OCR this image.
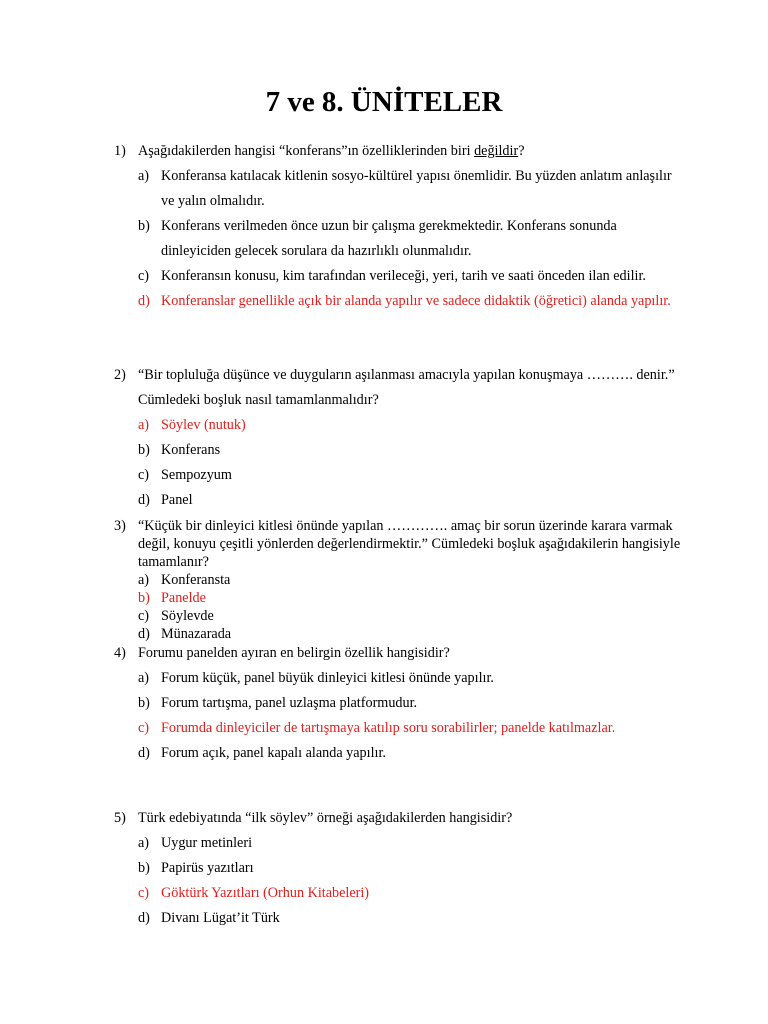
7 ve 8. ÜNİTELER
1) Aşağıdakilerden hangisi “konferans”ın özelliklerinden biri değildir?
a) Konferansa katılacak kitlenin sosyo-kültürel yapısı önemlidir. Bu yüzden anlatım anlaşılır ve yalın olmalıdır.
b) Konferans verilmeden önce uzun bir çalışma gerekmektedir. Konferans sonunda dinleyiciden gelecek sorulara da hazırlıklı olunmalıdır.
c) Konferansın konusu, kim tarafından verileceği, yeri, tarih ve saati önceden ilan edilir.
d) Konferanslar genellikle açık bir alanda yapılır ve sadece didaktik (öğretici) alanda yapılır.
2) “Bir topluluğa düşünce ve duyguların aşılanması amacıyla yapılan konuşmaya ………. denir.” Cümledeki boşluk nasıl tamamlanmalıdır?
a) Söylev (nutuk)
b) Konferans
c) Sempozyum
d) Panel
3) “Küçük bir dinleyici kitlesi önünde yapılan …………. amaç bir sorun üzerinde karara varmak değil, konuyu çeşitli yönlerden değerlendirmektir.” Cümledeki boşluk aşağıdakilerin hangisiyle tamamlanır?
a) Konferansta
b) Panelde
c) Söylevde
d) Münazarada
4) Forumu panelden ayıran en belirgin özellik hangisidir?
a) Forum küçük, panel büyük dinleyici kitlesi önünde yapılır.
b) Forum tartışma, panel uzlaşma platformudur.
c) Forumda dinleyiciler de tartışmaya katılıp soru sorabilirler; panelde katılmazlar.
d) Forum açık, panel kapalı alanda yapılır.
5) Türk edebiyatında “ilk söylev” örneği aşağıdakilerden hangisidir?
a) Uygur metinleri
b) Papirüs yazıtları
c) Göktürk Yazıtları (Orhun Kitabeleri)
d) Divanı Lügat’it Türk
